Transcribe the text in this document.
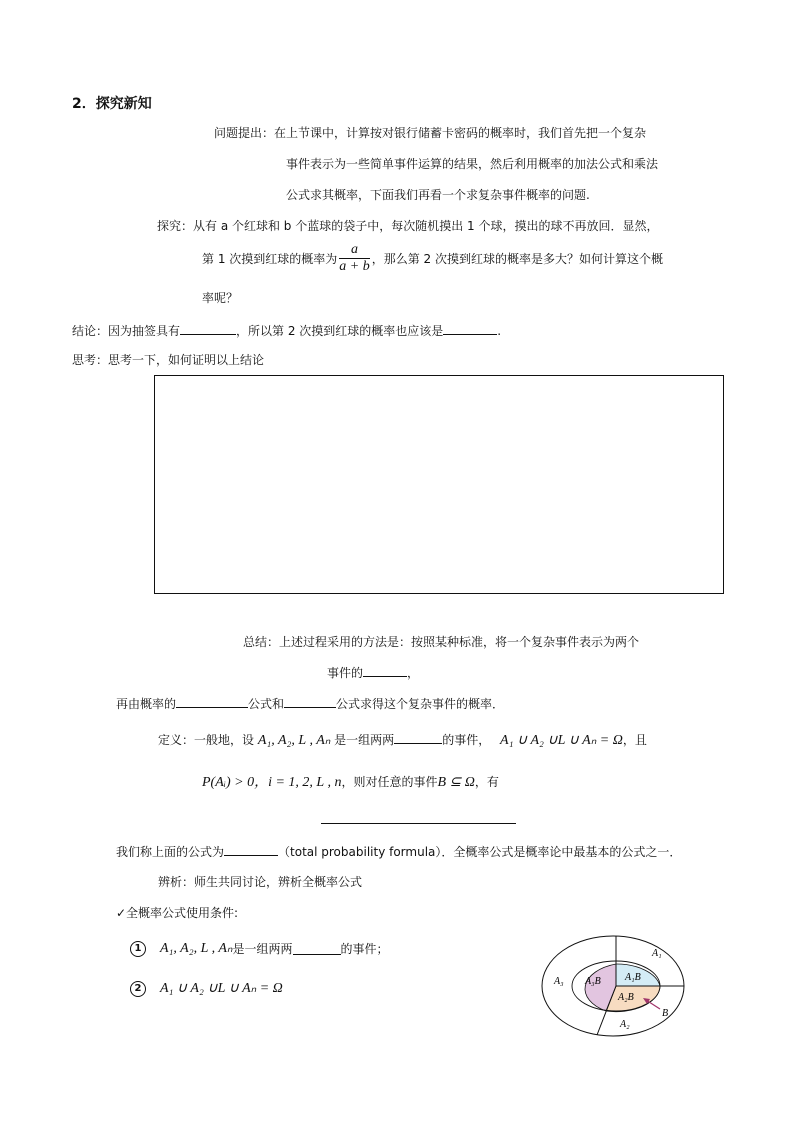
2．探究新知
问题提出：在上节课中，计算按对银行储蓄卡密码的概率时，我们首先把一个复杂
事件表示为一些简单事件运算的结果，然后利用概率的加法公式和乘法
公式求其概率，下面我们再看一个求复杂事件概率的问题.
探究：从有 a 个红球和 b 个蓝球的袋子中，每次随机摸出 1 个球，摸出的球不再放回．显然，
第 1 次摸到红球的概率为 $\frac{a}{a + b}$ ，那么第 2 次摸到红球的概率是多大？如何计算这个概
率呢？
结论：因为抽签具有	，所以第 2 次摸到红球的概率也应该是	.
思考：思考一下，如何证明以上结论
总结：上述过程采用的方法是：按照某种标准，将一个复杂事件表示为两个
事件的	，
再由概率的	公式和	公式求得这个复杂事件的概率．
定义：一般地，设 A₁, A₂, L , Aₙ 是一组两两	的事件， A₁ ∪ A₂ ∪L ∪ Aₙ = Ω，且
P(Aᵢ) > 0，i = 1, 2, L , n，则对任意的事件B ⊆ Ω，有
我们称上面的公式为	（total probability formula）．全概率公式是概率论中最基本的公式之一．
辨析：师生共同讨论，辨析全概率公式
✓全概率公式使用条件:
1	A₁, A₂, L , Aₙ 是一组两两	的事件；
2	A₁ ∪ A₂ ∪L ∪ Aₙ = Ω
A₁
A₁B
A₃ A₃B
A₂B
A₂
B
